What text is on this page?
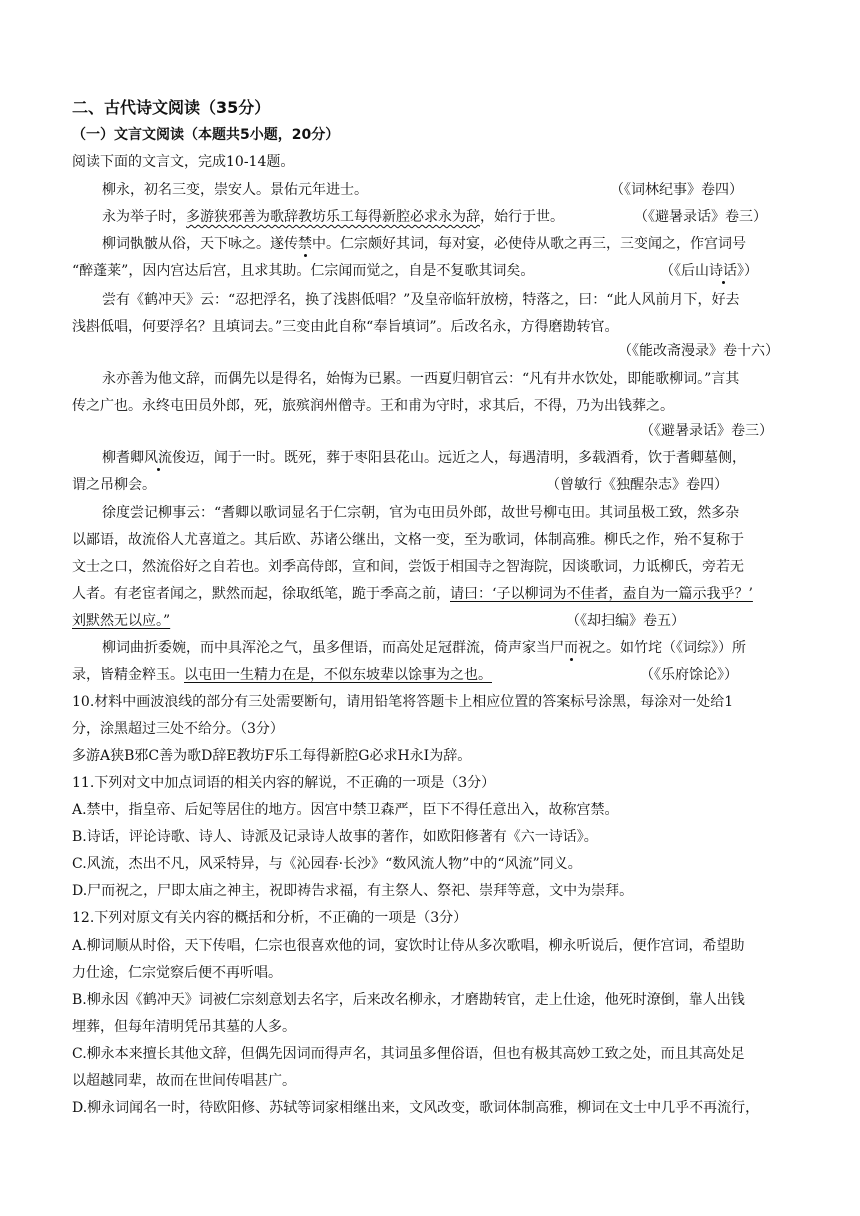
二、古代诗文阅读（35分）
（一）文言文阅读（本题共5小题，20分）
阅读下面的文言文，完成10-14题。
柳永，初名三变，崇安人。景佑元年进士。	（《词林纪事》卷四）
永为举子时，多游狭邪善为歌辞教坊乐工每得新腔必求永为辞，始行于世。	（《避暑录话》卷三）
柳词骫骳从俗，天下咏之。遂传禁中。仁宗颇好其词，每对宴，必使侍从歌之再三，三变闻之，作宫词号
“醉蓬莱”，因内宫达后宫，且求其助。仁宗闻而觉之，自是不复歌其词矣。	（《后山诗话》）
尝有《鹤冲天》云：“忍把浮名，换了浅斟低唱？”及皇帝临轩放榜，特落之，曰：“此人风前月下，好去
浅斟低唱，何要浮名？且填词去。”三变由此自称“奉旨填词”。后改名永，方得磨勘转官。
（《能改斋漫录》卷十六）
永亦善为他文辞，而偶先以是得名，始悔为已累。一西夏归朝官云：“凡有井水饮处，即能歌柳词。”言其
传之广也。永终屯田员外郎，死，旅殡润州僧寺。王和甫为守时，求其后，不得，乃为出钱葬之。
（《避暑录话》卷三）
柳耆卿风流俊迈，闻于一时。既死，葬于枣阳县花山。远近之人，每遇清明，多载酒肴，饮于耆卿墓侧，
谓之吊柳会。	（曾敏行《独醒杂志》卷四）
徐度尝记柳事云：“耆卿以歌词显名于仁宗朝，官为屯田员外郎，故世号柳屯田。其词虽极工致，然多杂
以鄙语，故流俗人尤喜道之。其后欧、苏诸公继出，文格一变，至为歌词，体制高雅。柳氏之作，殆不复称于
文士之口，然流俗好之自若也。刘季高侍郎，宣和间，尝饭于相国寺之智海院，因谈歌词，力诋柳氏，旁若无
人者。有老宦者闻之，默然而起，徐取纸笔，跪于季高之前，请曰：‘子以柳词为不佳者，盍自为一篇示我乎？’
刘默然无以应。”	（《却扫编》卷五）
柳词曲折委婉，而中具浑沦之气，虽多俚语，而高处足冠群流，倚声家当尸而祝之。如竹垞（《词综》）所
录，皆精金粹玉。以屯田一生精力在是，不似东坡辈以馀事为之也。	（《乐府馀论》）
10.材料中画波浪线的部分有三处需要断句，请用铅笔将答题卡上相应位置的答案标号涂黑，每涂对一处给1
分，涂黑超过三处不给分。（3分）
多游A狭B邪C善为歌D辞E教坊F乐工每得新腔G必求H永I为辞。
11.下列对文中加点词语的相关内容的解说，不正确的一项是（3分）
A.禁中，指皇帝、后妃等居住的地方。因宫中禁卫森严，臣下不得任意出入，故称宫禁。
B.诗话，评论诗歌、诗人、诗派及记录诗人故事的著作，如欧阳修著有《六一诗话》。
C.风流，杰出不凡，风采特异，与《沁园春·长沙》“数风流人物”中的“风流”同义。
D.尸而祝之，尸即太庙之神主，祝即祷告求福，有主祭人、祭祀、崇拜等意，文中为崇拜。
12.下列对原文有关内容的概括和分析，不正确的一项是（3分）
A.柳词顺从时俗，天下传唱，仁宗也很喜欢他的词，宴饮时让侍从多次歌唱，柳永听说后，便作宫词，希望助
力仕途，仁宗觉察后便不再听唱。
B.柳永因《鹤冲天》词被仁宗刻意划去名字，后来改名柳永，才磨勘转官，走上仕途，他死时潦倒，靠人出钱
埋葬，但每年清明凭吊其墓的人多。
C.柳永本来擅长其他文辞，但偶先因词而得声名，其词虽多俚俗语，但也有极其高妙工致之处，而且其高处足
以超越同辈，故而在世间传唱甚广。
D.柳永词闻名一时，待欧阳修、苏轼等词家相继出来，文风改变，歌词体制高雅，柳词在文士中几乎不再流行，
